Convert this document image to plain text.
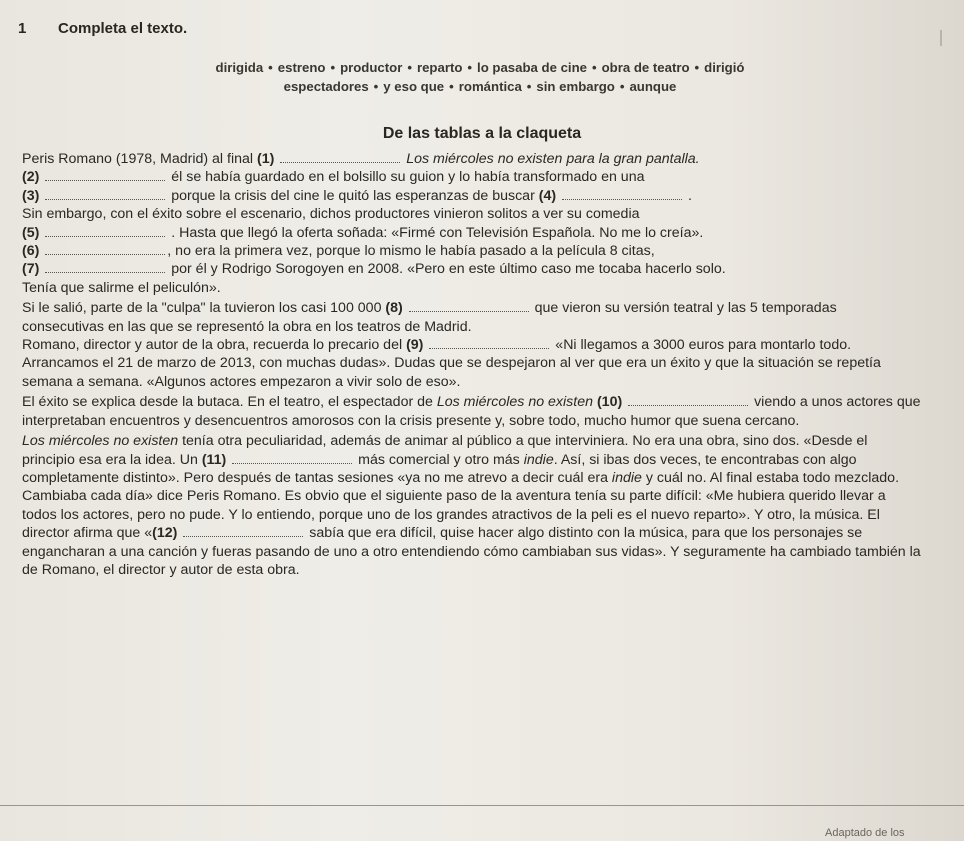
1 Completa el texto.
dirigida • estreno • productor • reparto • lo pasaba de cine • obra de teatro • dirigió
espectadores • y eso que • romántica • sin embargo • aunque
De las tablas a la claqueta

Peris Romano (1978, Madrid) al final (1)	Los miércoles no existen para la gran pantalla.
(2)	él se había guardado en el bolsillo su guion y lo había transformado en una
(3)	porque la crisis del cine le quitó las esperanzas de buscar (4)	.
Sin embargo, con el éxito sobre el escenario, dichos productores vinieron solitos a ver su comedia
(5)	. Hasta que llegó la oferta soñada: «Firmé con Televisión Española. No me lo creía».
(6)	, no era la primera vez, porque lo mismo le había pasado a la película 8 citas,
(7)	por él y Rodrigo Sorogoyen en 2008. «Pero en este último caso me tocaba hacerlo solo.
Tenía que salirme el peliculón».

Si le salió, parte de la "culpa" la tuvieron los casi 100 000 (8)	que vieron su versión teatral y las 5 temporadas consecutivas en las que se representó la obra en los teatros de Madrid.
Romano, director y autor de la obra, recuerda lo precario del (9)	«Ni llegamos a 3000 euros para montarlo todo. Arrancamos el 21 de marzo de 2013, con muchas dudas». Dudas que se despejaron al ver que era un éxito y que la situación se repetía semana a semana. «Algunos actores empezaron a vivir solo de eso».

El éxito se explica desde la butaca. En el teatro, el espectador de Los miércoles no existen (10)	viendo a unos actores que interpretaban encuentros y desencuentros amorosos con la crisis presente y, sobre todo, mucho humor que suena cercano.

Los miércoles no existen tenía otra peculiaridad, además de animar al público a que interviniera. No era una obra, sino dos. «Desde el principio esa era la idea. Un (11)	más comercial y otro más indie. Así, si ibas dos veces, te encontrabas con algo completamente distinto». Pero después de tantas sesiones «ya no me atrevo a decir cuál era indie y cuál no. Al final estaba todo mezclado. Cambiaba cada día» dice Peris Romano. Es obvio que el siguiente paso de la aventura tenía su parte difícil: «Me hubiera querido llevar a todos los actores, pero no pude. Y lo entiendo, porque uno de los grandes atractivos de la peli es el nuevo reparto». Y otro, la música. El director afirma que «(12)	sabía que era difícil, quise hacer algo distinto con la música, para que los personajes se engancharan a una canción y fueras pasando de uno a otro entendiendo cómo cambiaban sus vidas». Y seguramente ha cambiado también la de Romano, el director y autor de esta obra.

Adaptado de los
